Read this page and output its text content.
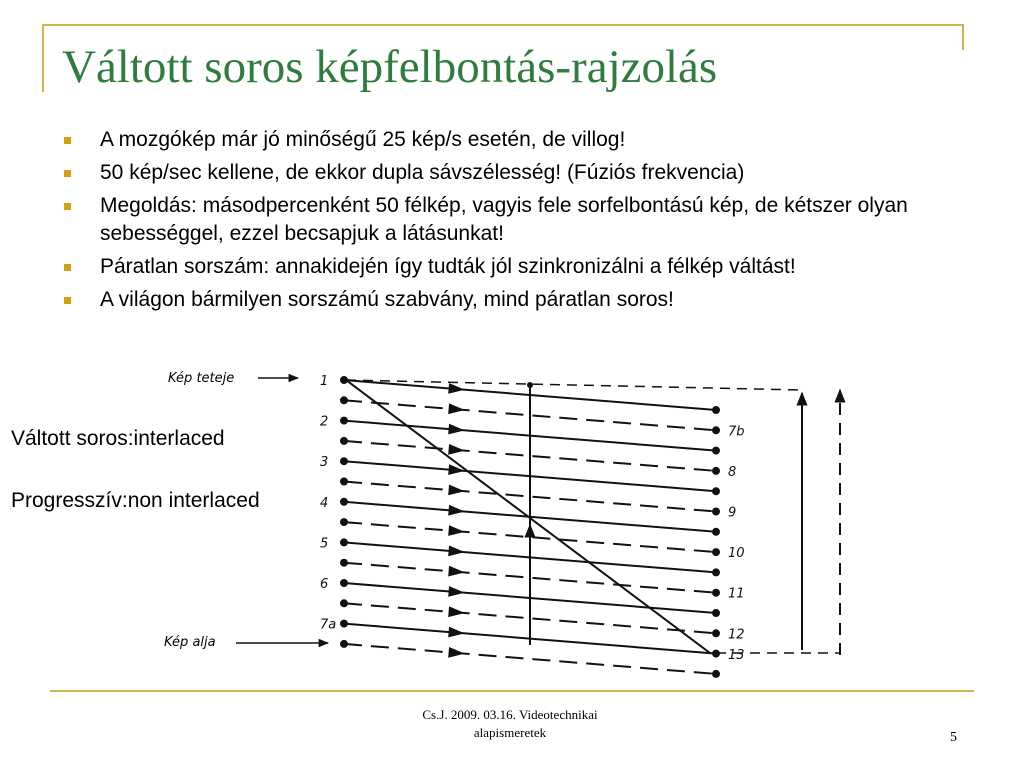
Váltott soros képfelbontás-rajzolás
A mozgókép már jó minőségű 25 kép/s esetén, de villog!
50 kép/sec kellene, de ekkor dupla sávszélesség! (Fúziós frekvencia)
Megoldás: másodpercenként 50 félkép, vagyis fele sorfelbontású kép, de kétszer olyan sebességgel, ezzel becsapjuk a látásunkat!
Páratlan sorszám: annakidején így tudták jól szinkronizálni a félkép váltást!
A világon bármilyen sorszámú szabvány, mind páratlan soros!
Váltott soros:interlaced
Progresszív:non interlaced
1
2
3
4
5
6
7a
7b
8
9
10
11
12
13
Kép teteje
Kép alja
Cs.J. 2009. 03.16. Videotechnikai
alapismeretek	5
